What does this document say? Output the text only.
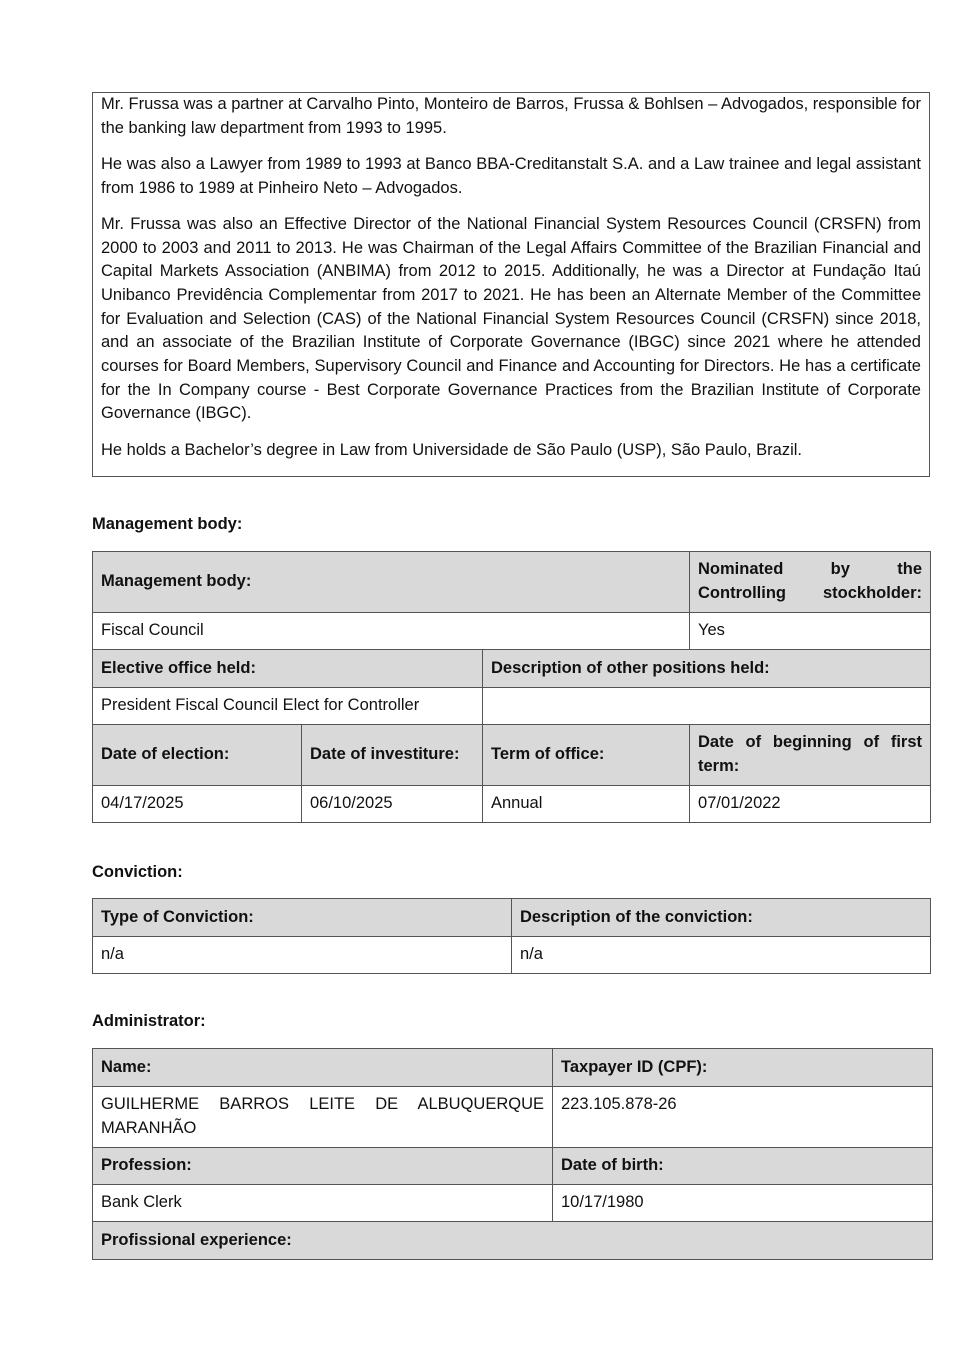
Mr. Frussa was a partner at Carvalho Pinto, Monteiro de Barros, Frussa & Bohlsen – Advogados, responsible for the banking law department from 1993 to 1995.

He was also a Lawyer from 1989 to 1993 at Banco BBA-Creditanstalt S.A. and a Law trainee and legal assistant from 1986 to 1989 at Pinheiro Neto – Advogados.

Mr. Frussa was also an Effective Director of the National Financial System Resources Council (CRSFN) from 2000 to 2003 and 2011 to 2013. He was Chairman of the Legal Affairs Committee of the Brazilian Financial and Capital Markets Association (ANBIMA) from 2012 to 2015. Additionally, he was a Director at Fundação Itaú Unibanco Previdência Complementar from 2017 to 2021. He has been an Alternate Member of the Committee for Evaluation and Selection (CAS) of the National Financial System Resources Council (CRSFN) since 2018, and an associate of the Brazilian Institute of Corporate Governance (IBGC) since 2021 where he attended courses for Board Members, Supervisory Council and Finance and Accounting for Directors. He has a certificate for the In Company course - Best Corporate Governance Practices from the Brazilian Institute of Corporate Governance (IBGC).

He holds a Bachelor’s degree in Law from Universidade de São Paulo (USP), São Paulo, Brazil.

Management body:
Management body:			Nominated by the Controlling stockholder:
Fiscal Council			Yes
Elective office held:		Description of other positions held:	
President Fiscal Council Elect for Controller			
Date of election:	Date of investiture:	Term of office:	Date of beginning of first term:
04/17/2025	06/10/2025	Annual	07/01/2022
Conviction:
Type of Conviction:	Description of the conviction:
n/a	n/a
Administrator:
Name:	Taxpayer ID (CPF):
GUILHERME BARROS LEITE DE ALBUQUERQUE MARANHÃO	223.105.878-26
Profession:	Date of birth:
Bank Clerk	10/17/1980
Profissional experience:	
